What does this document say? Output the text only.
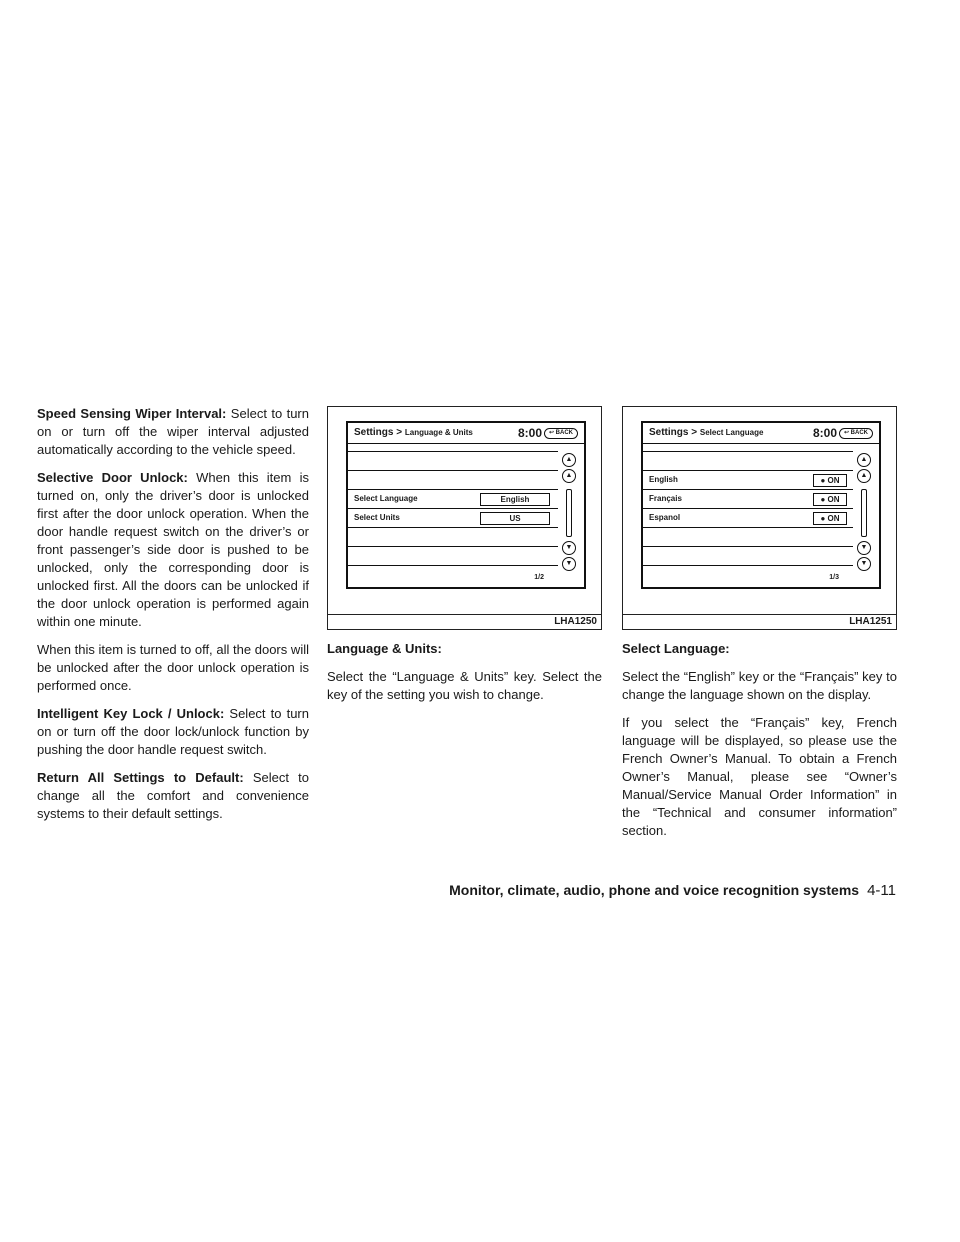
Speed Sensing Wiper Interval: Select to turn on or turn off the wiper interval adjusted automatically according to the vehicle speed.

Selective Door Unlock: When this item is turned on, only the driver’s door is unlocked first after the door unlock operation. When the door handle request switch on the driver’s or front passenger’s side door is pushed to be unlocked, only the corresponding door is unlocked first. All the doors can be unlocked if the door unlock operation is performed again within one minute.

When this item is turned to off, all the doors will be unlocked after the door unlock operation is performed once.

Intelligent Key Lock / Unlock: Select to turn on or turn off the door lock/unlock function by pushing the door handle request switch.

Return All Settings to Default: Select to change all the comfort and convenience systems to their default settings.

Settings > Language & Units	8:00	↩ BACK
Select Language	English
Select Units	US
▲
▲
▼
▼
1/2
LHA1250
Settings > Select Language	8:00	↩ BACK
English	● ON
Français	● ON
Espanol	● ON
▲
▲
▼
▼
1/3
LHA1251

Language & Units:

Select the “Language & Units” key. Select the key of the setting you wish to change.

Select Language:

Select the “English” key or the “Français” key to change the language shown on the display.

If you select the “Français” key, French language will be displayed, so please use the French Owner’s Manual. To obtain a French Owner’s Manual, please see “Owner’s Manual/Service Manual Order Information” in the “Technical and consumer information” section.

Monitor, climate, audio, phone and voice recognition systems 4-11
